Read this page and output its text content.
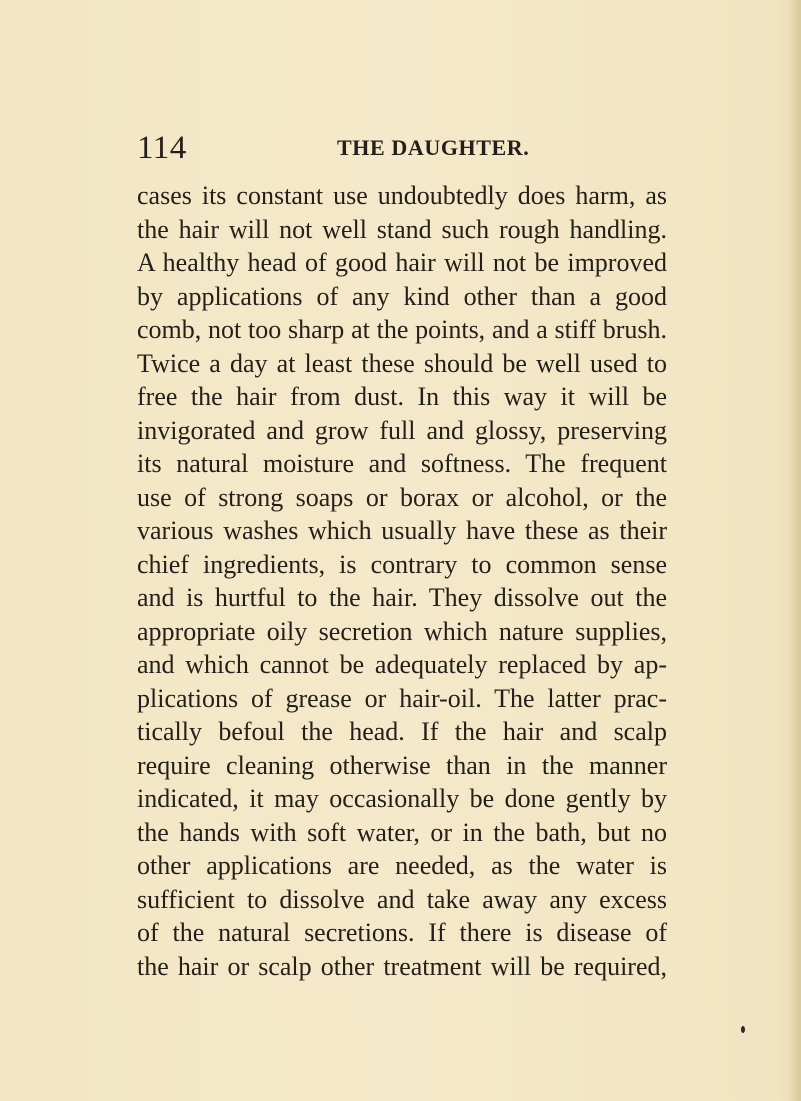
114	THE DAUGHTER.
cases its constant use undoubtedly does harm, as
the hair will not well stand such rough handling.
A healthy head of good hair will not be improved
by applications of any kind other than a good
comb, not too sharp at the points, and a stiff brush.
Twice a day at least these should be well used to
free the hair from dust. In this way it will be
invigorated and grow full and glossy, preserving
its natural moisture and softness. The frequent
use of strong soaps or borax or alcohol, or the
various washes which usually have these as their
chief ingredients, is contrary to common sense
and is hurtful to the hair. They dissolve out the
appropriate oily secretion which nature supplies,
and which cannot be adequately replaced by ap-
plications of grease or hair-oil. The latter prac-
tically befoul the head. If the hair and scalp
require cleaning otherwise than in the manner
indicated, it may occasionally be done gently by
the hands with soft water, or in the bath, but no
other applications are needed, as the water is
sufficient to dissolve and take away any excess
of the natural secretions. If there is disease of
the hair or scalp other treatment will be required,
